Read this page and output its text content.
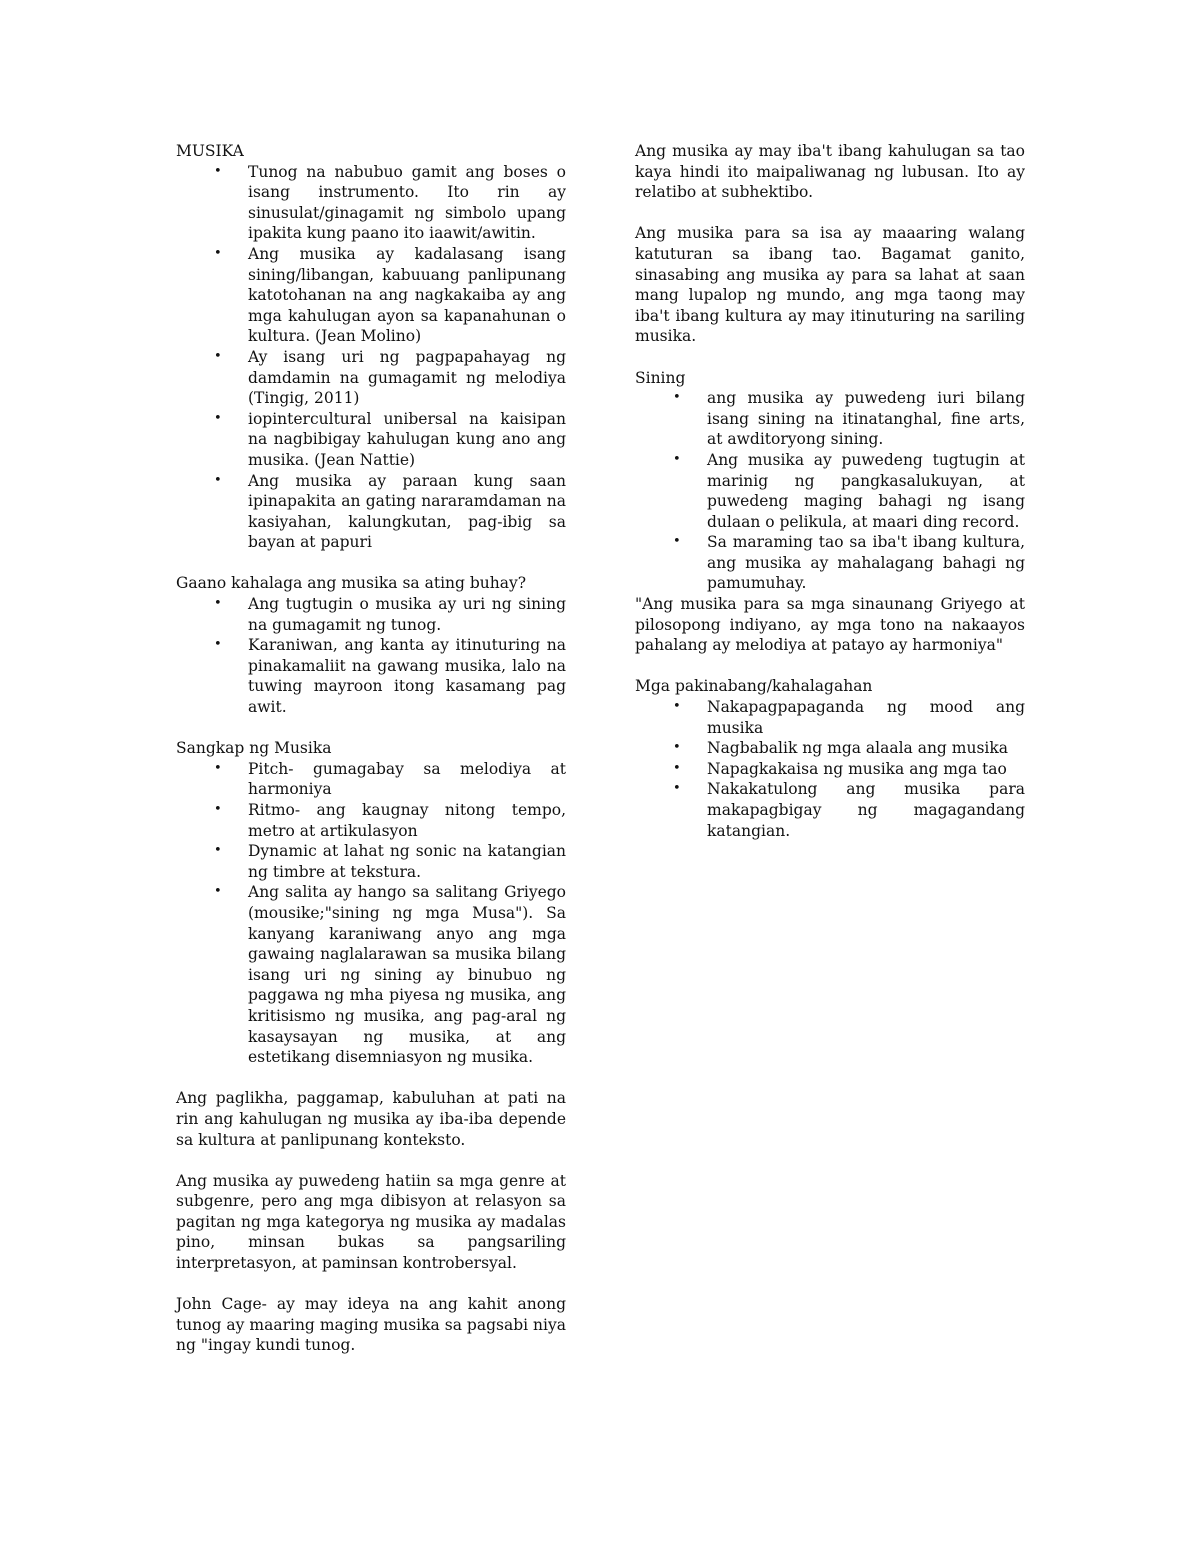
MUSIKA

• Tunog na nabubuo gamit ang boses o isang instrumento. Ito rin ay sinusulat/ginagamit ng simbolo upang ipakita kung paano ito iaawit/awitin.
• Ang musika ay kadalasang isang sining/libangan, kabuuang panlipunang katotohanan na ang nagkakaiba ay ang mga kahulugan ayon sa kapanahunan o kultura. (Jean Molino)
• Ay isang uri ng pagpapahayag ng damdamin na gumagamit ng melodiya (Tingig, 2011)
• iopintercultural unibersal na kaisipan na nagbibigay kahulugan kung ano ang musika. (Jean Nattie)
• Ang musika ay paraan kung saan ipinapakita an gating nararamdaman na kasiyahan, kalungkutan, pag-ibig sa bayan at papuri

Gaano kahalaga ang musika sa ating buhay?

• Ang tugtugin o musika ay uri ng sining na gumagamit ng tunog.
• Karaniwan, ang kanta ay itinuturing na pinakamaliit na gawang musika, lalo na tuwing mayroon itong kasamang pag awit.

Sangkap ng Musika

• Pitch- gumagabay sa melodiya at harmoniya
• Ritmo- ang kaugnay nitong tempo, metro at artikulasyon
• Dynamic at lahat ng sonic na katangian ng timbre at tekstura.
• Ang salita ay hango sa salitang Griyego (mousike;"sining ng mga Musa"). Sa kanyang karaniwang anyo ang mga gawaing naglalarawan sa musika bilang isang uri ng sining ay binubuo ng paggawa ng mha piyesa ng musika, ang kritisismo ng musika, ang pag-aral ng kasaysayan ng musika, at ang estetikang disemniasyon ng musika.

Ang paglikha, paggamap, kabuluhan at pati na rin ang kahulugan ng musika ay iba-iba depende sa kultura at panlipunang konteksto.

Ang musika ay puwedeng hatiin sa mga genre at subgenre, pero ang mga dibisyon at relasyon sa pagitan ng mga kategorya ng musika ay madalas pino, minsan bukas sa pangsariling interpretasyon, at paminsan kontrobersyal.

John Cage- ay may ideya na ang kahit anong tunog ay maaring maging musika sa pagsabi niya ng "ingay kundi tunog.

Ang musika ay may iba't ibang kahulugan sa tao kaya hindi ito maipaliwanag ng lubusan. Ito ay relatibo at subhektibo.

Ang musika para sa isa ay maaaring walang katuturan sa ibang tao. Bagamat ganito, sinasabing ang musika ay para sa lahat at saan mang lupalop ng mundo, ang mga taong may iba't ibang kultura ay may itinuturing na sariling musika.

Sining

• ang musika ay puwedeng iuri bilang isang sining na itinatanghal, fine arts, at awditoryong sining.
• Ang musika ay puwedeng tugtugin at marinig ng pangkasalukuyan, at puwedeng maging bahagi ng isang dulaan o pelikula, at maari ding record.
• Sa maraming tao sa iba't ibang kultura, ang musika ay mahalagang bahagi ng pamumuhay.

"Ang musika para sa mga sinaunang Griyego at pilosopong indiyano, ay mga tono na nakaayos pahalang ay melodiya at patayo ay harmoniya"

Mga pakinabang/kahalagahan

• Nakapagpapaganda ng mood ang musika
• Nagbabalik ng mga alaala ang musika
• Napagkakaisa ng musika ang mga tao
• Nakakatulong ang musika para makapagbigay ng magagandang katangian.
